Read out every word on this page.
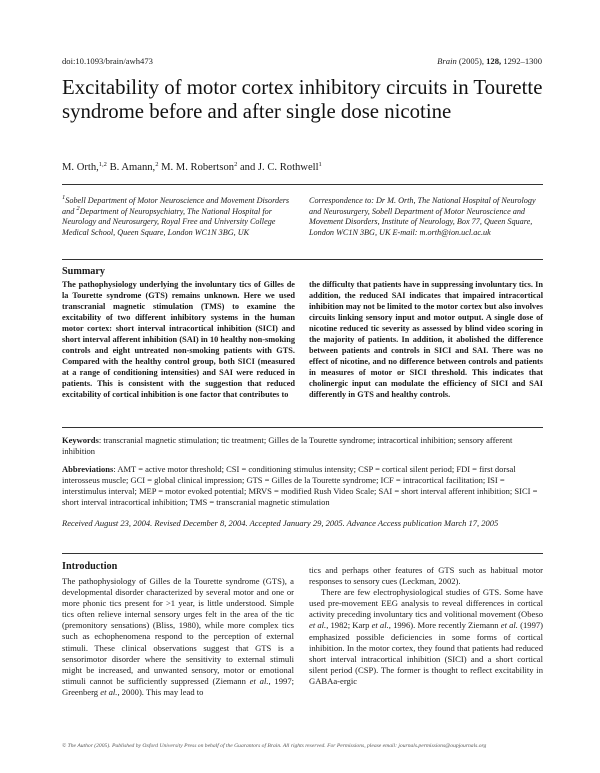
doi:10.1093/brain/awh473	Brain (2005), 128, 1292–1300
Excitability of motor cortex inhibitory circuits in Tourette syndrome before and after single dose nicotine
M. Orth,$^{1,2}$ B. Amann,$^2$ M. M. Robertson$^2$ and J. C. Rothwell$^1$
$^1$Sobell Department of Motor Neuroscience and Movement Disorders and $^2$Department of Neuropsychiatry, The National Hospital for Neurology and Neurosurgery, Royal Free and University College Medical School, Queen Square, London WC1N 3BG, UK
Correspondence to: Dr M. Orth, The National Hospital of Neurology and Neurosurgery, Sobell Department of Motor Neuroscience and Movement Disorders, Institute of Neurology, Box 77, Queen Square, London WC1N 3BG, UK E-mail: m.orth@ion.ucl.ac.uk
Summary
The pathophysiology underlying the involuntary tics of Gilles de la Tourette syndrome (GTS) remains unknown. Here we used transcranial magnetic stimulation (TMS) to examine the excitability of two different inhibitory systems in the human motor cortex: short interval intracortical inhibition (SICI) and short interval afferent inhibition (SAI) in 10 healthy non-smoking controls and eight untreated non-smoking patients with GTS. Compared with the healthy control group, both SICI (measured at a range of conditioning intensities) and SAI were reduced in patients. This is consistent with the suggestion that reduced excitability of cortical inhibition is one factor that contributes to
the difficulty that patients have in suppressing involuntary tics. In addition, the reduced SAI indicates that impaired intracortical inhibition may not be limited to the motor cortex but also involves circuits linking sensory input and motor output. A single dose of nicotine reduced tic severity as assessed by blind video scoring in the majority of patients. In addition, it abolished the difference between patients and controls in SICI and SAI. There was no effect of nicotine, and no difference between controls and patients in measures of motor or SICI threshold. This indicates that cholinergic input can modulate the efficiency of SICI and SAI differently in GTS and healthy controls.
Keywords: transcranial magnetic stimulation; tic treatment; Gilles de la Tourette syndrome; intracortical inhibition; sensory afferent inhibition
Abbreviations: AMT = active motor threshold; CSI = conditioning stimulus intensity; CSP = cortical silent period; FDI = first dorsal interosseus muscle; GCI = global clinical impression; GTS = Gilles de la Tourette syndrome; ICF = intracortical facilitation; ISI = interstimulus interval; MEP = motor evoked potential; MRVS = modified Rush Video Scale; SAI = short interval afferent inhibition; SICI = short interval intracortical inhibition; TMS = transcranial magnetic stimulation
Received August 23, 2004. Revised December 8, 2004. Accepted January 29, 2005. Advance Access publication March 17, 2005
Introduction
The pathophysiology of Gilles de la Tourette syndrome (GTS), a developmental disorder characterized by several motor and one or more phonic tics present for >1 year, is little understood. Simple tics often relieve internal sensory urges felt in the area of the tic (premonitory sensations) (Bliss, 1980), while more complex tics such as echophenomena respond to the perception of external stimuli. These clinical observations suggest that GTS is a sensorimotor disorder where the sensitivity to external stimuli might be increased, and unwanted sensory, motor or emotional stimuli cannot be sufficiently suppressed (Ziemann et al., 1997; Greenberg et al., 2000). This may lead to

tics and perhaps other features of GTS such as habitual motor responses to sensory cues (Leckman, 2002).

There are few electrophysiological studies of GTS. Some have used pre-movement EEG analysis to reveal differences in cortical activity preceding involuntary tics and volitional movement (Obeso et al., 1982; Karp et al., 1996). More recently Ziemann et al. (1997) emphasized possible deficiencies in some forms of cortical inhibition. In the motor cortex, they found that patients had reduced short interval intracortical inhibition (SICI) and a short cortical silent period (CSP). The former is thought to reflect excitability in GABAa-ergic

© The Author (2005). Published by Oxford University Press on behalf of the Guarantors of Brain. All rights reserved. For Permissions, please email: journals.permissions@oupjournals.org
